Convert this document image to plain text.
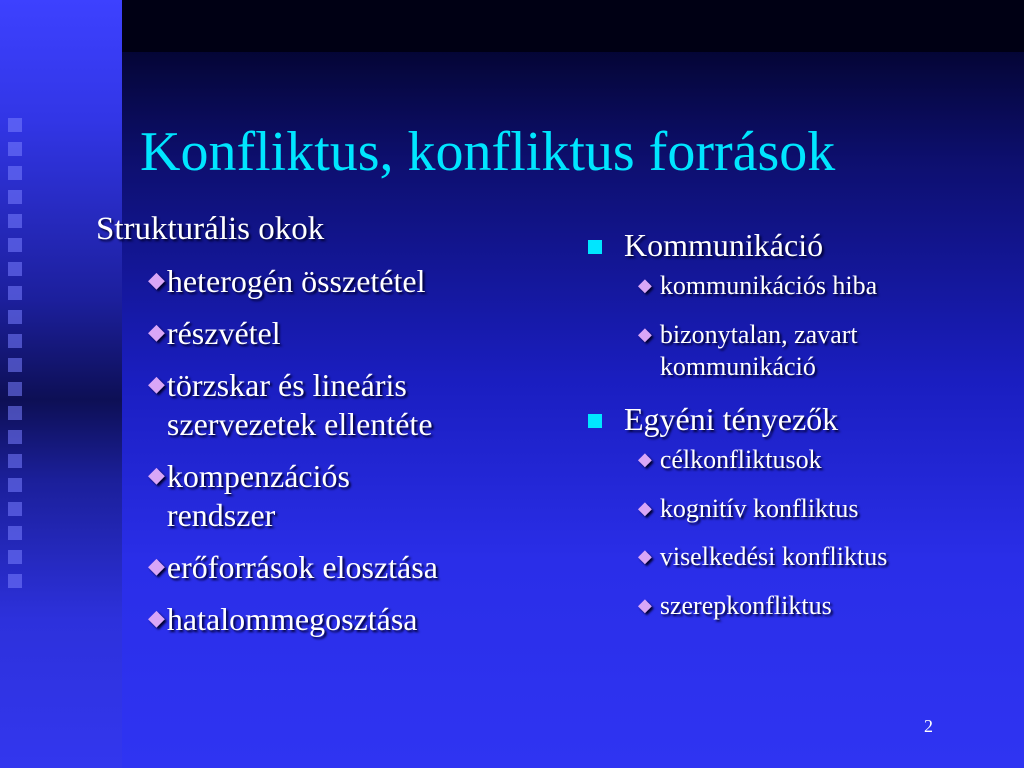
Konfliktus, konfliktus források
Strukturális okok
◆ heterogén összetétel
◆ részvétel
◆ törzskar és lineáris
szervezetek ellentéte
◆ kompenzációs
rendszer
◆ erőforrások elosztása
◆ hatalommegosztása
Kommunikáció
◆ kommunikációs hiba
◆ bizonytalan, zavart
kommunikáció
Egyéni tényezők
◆ célkonfliktusok
◆ kognitív konfliktus
◆ viselkedési konfliktus
◆ szerepkonfliktus
2
